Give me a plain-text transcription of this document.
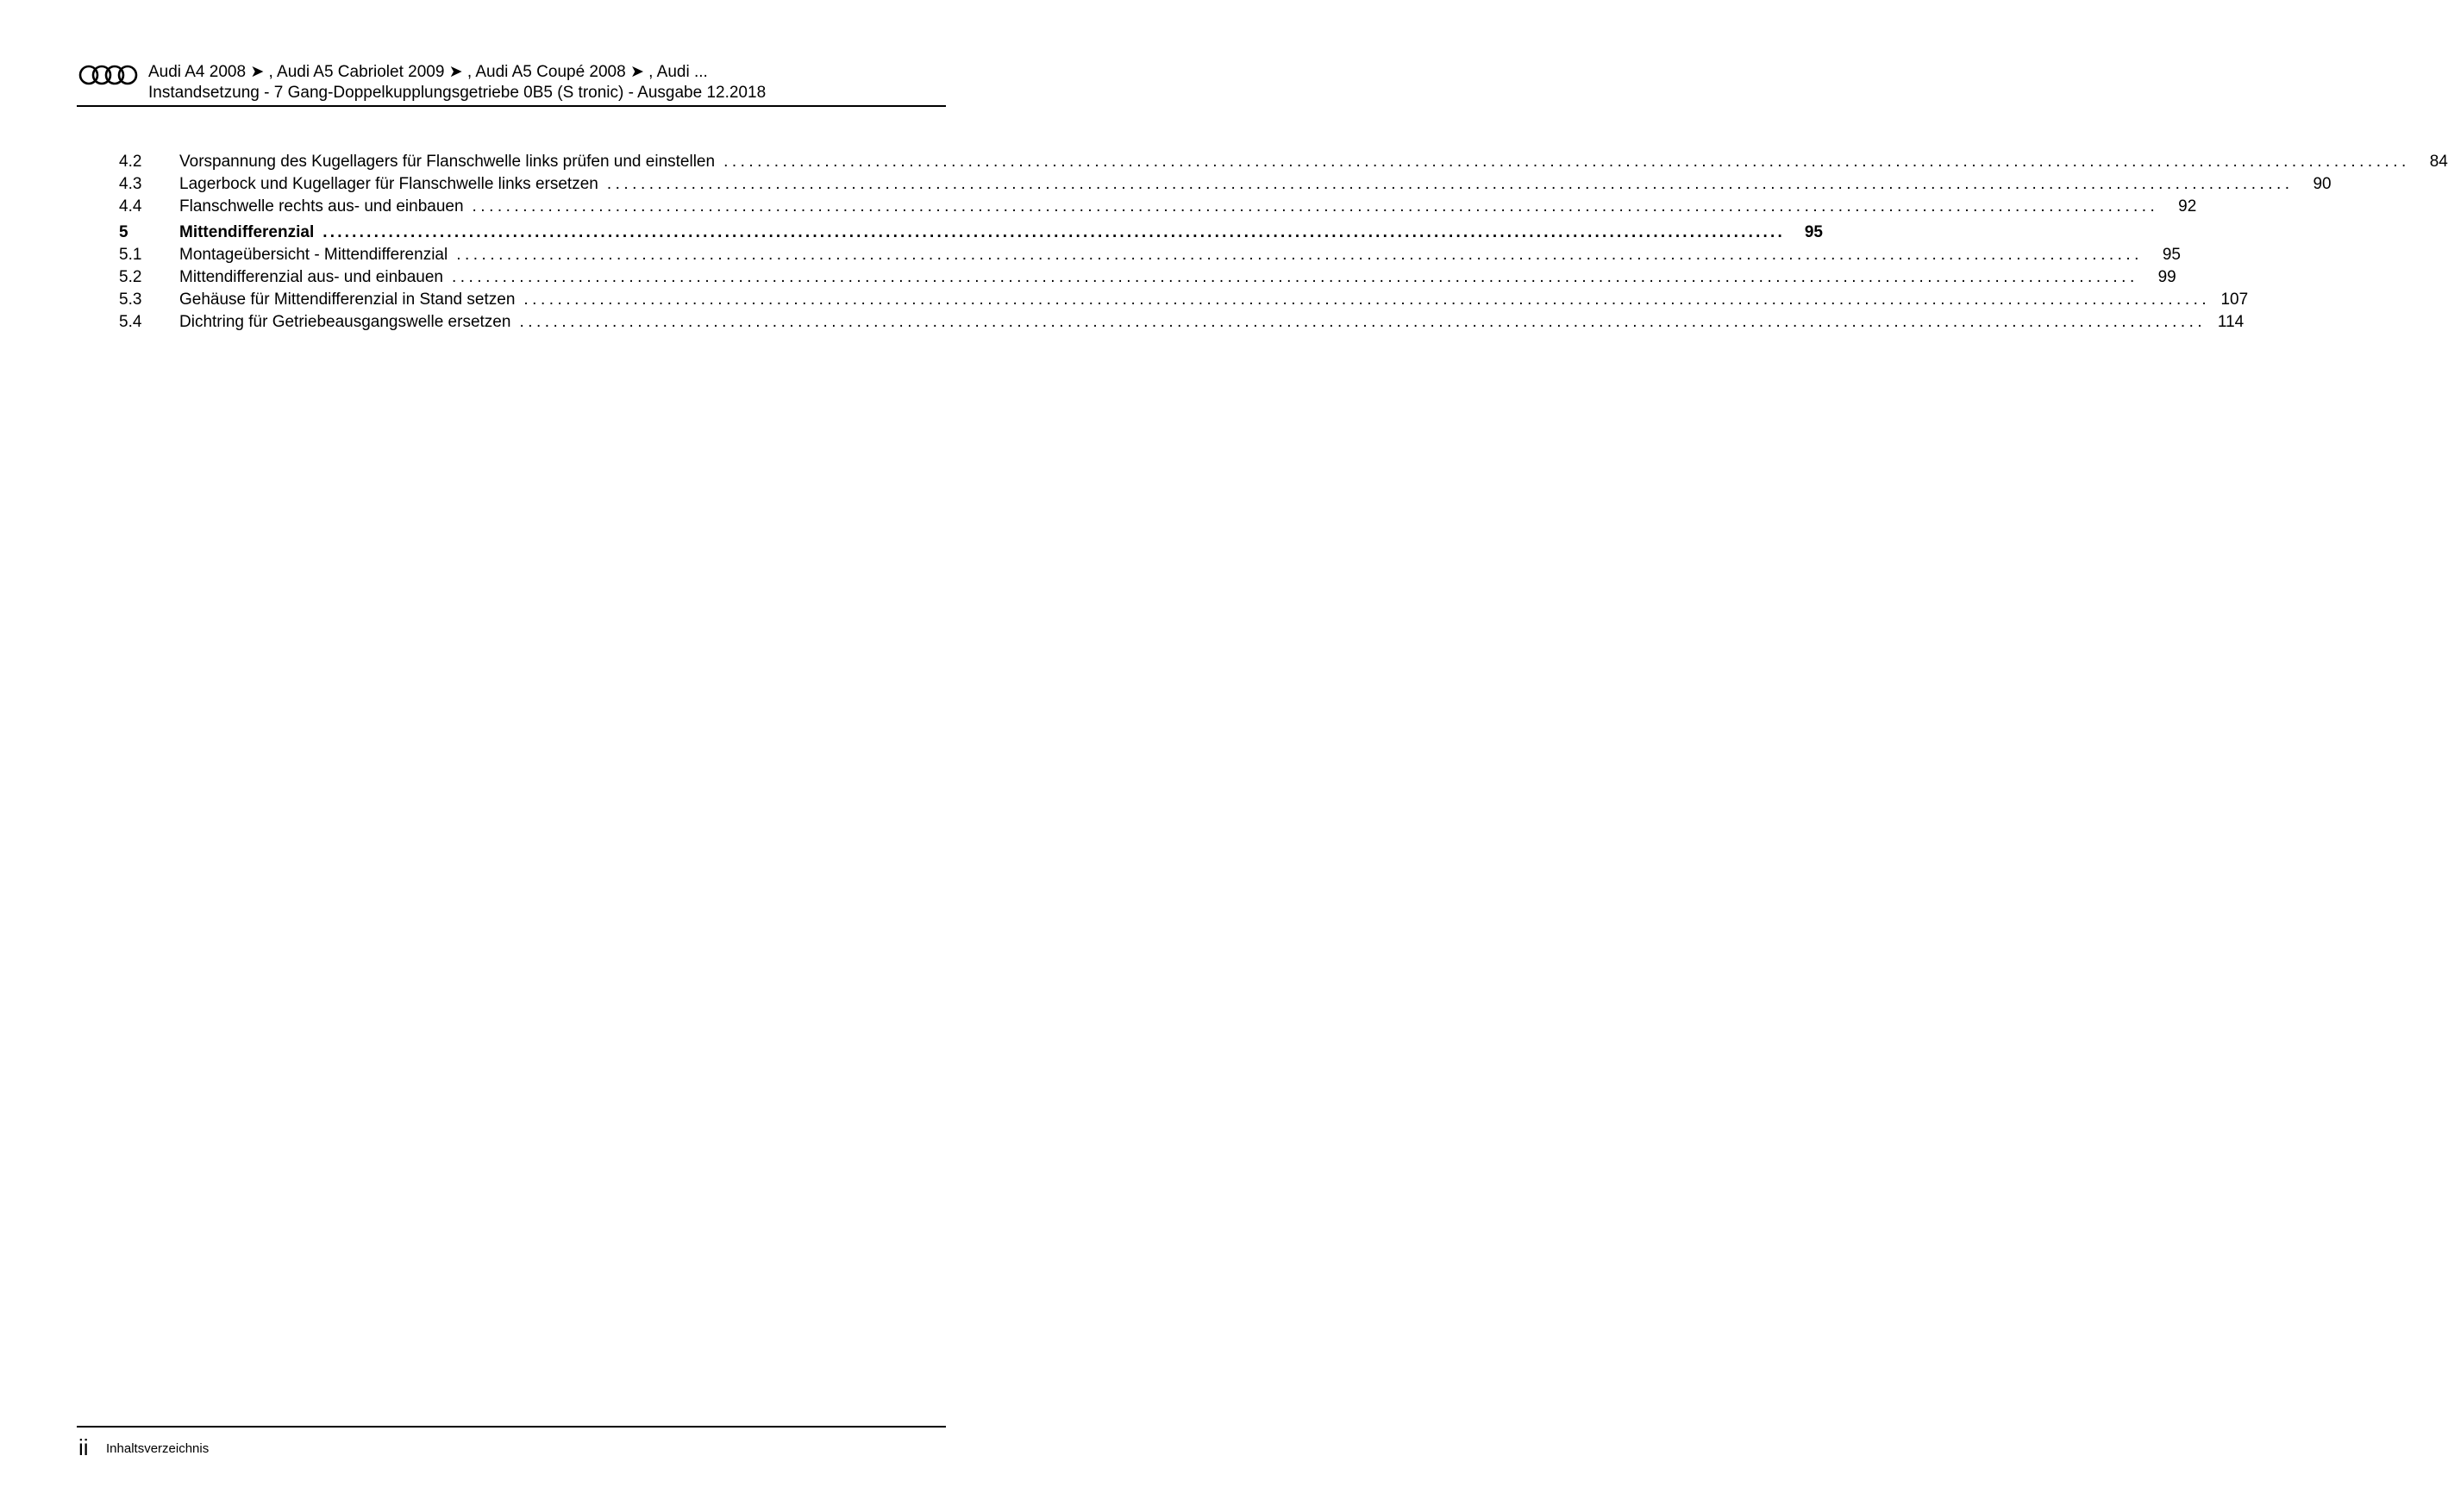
Audi A4 2008 ➤ , Audi A5 Cabriolet 2009 ➤ , Audi A5 Coupé 2008 ➤ , Audi ...
Instandsetzung - 7 Gang-Doppelkupplungsgetriebe 0B5 (S tronic) - Ausgabe 12.2018
4.2	Vorspannung des Kugellagers für Flanschwelle links prüfen und einstellen ........................................................................................................................................................................................................	84
4.3	Lagerbock und Kugellager für Flanschwelle links ersetzen ........................................................................................................................................................................................................	90
4.4	Flanschwelle rechts aus- und einbauen ........................................................................................................................................................................................................	92
5	Mittendifferenzial ........................................................................................................................................................................................................	95
5.1	Montageübersicht - Mittendifferenzial ........................................................................................................................................................................................................	95
5.2	Mittendifferenzial aus- und einbauen ........................................................................................................................................................................................................	99
5.3	Gehäuse für Mittendifferenzial in Stand setzen ........................................................................................................................................................................................................ 107
5.4	Dichtring für Getriebeausgangswelle ersetzen ........................................................................................................................................................................................................ 114
ii Inhaltsverzeichnis
